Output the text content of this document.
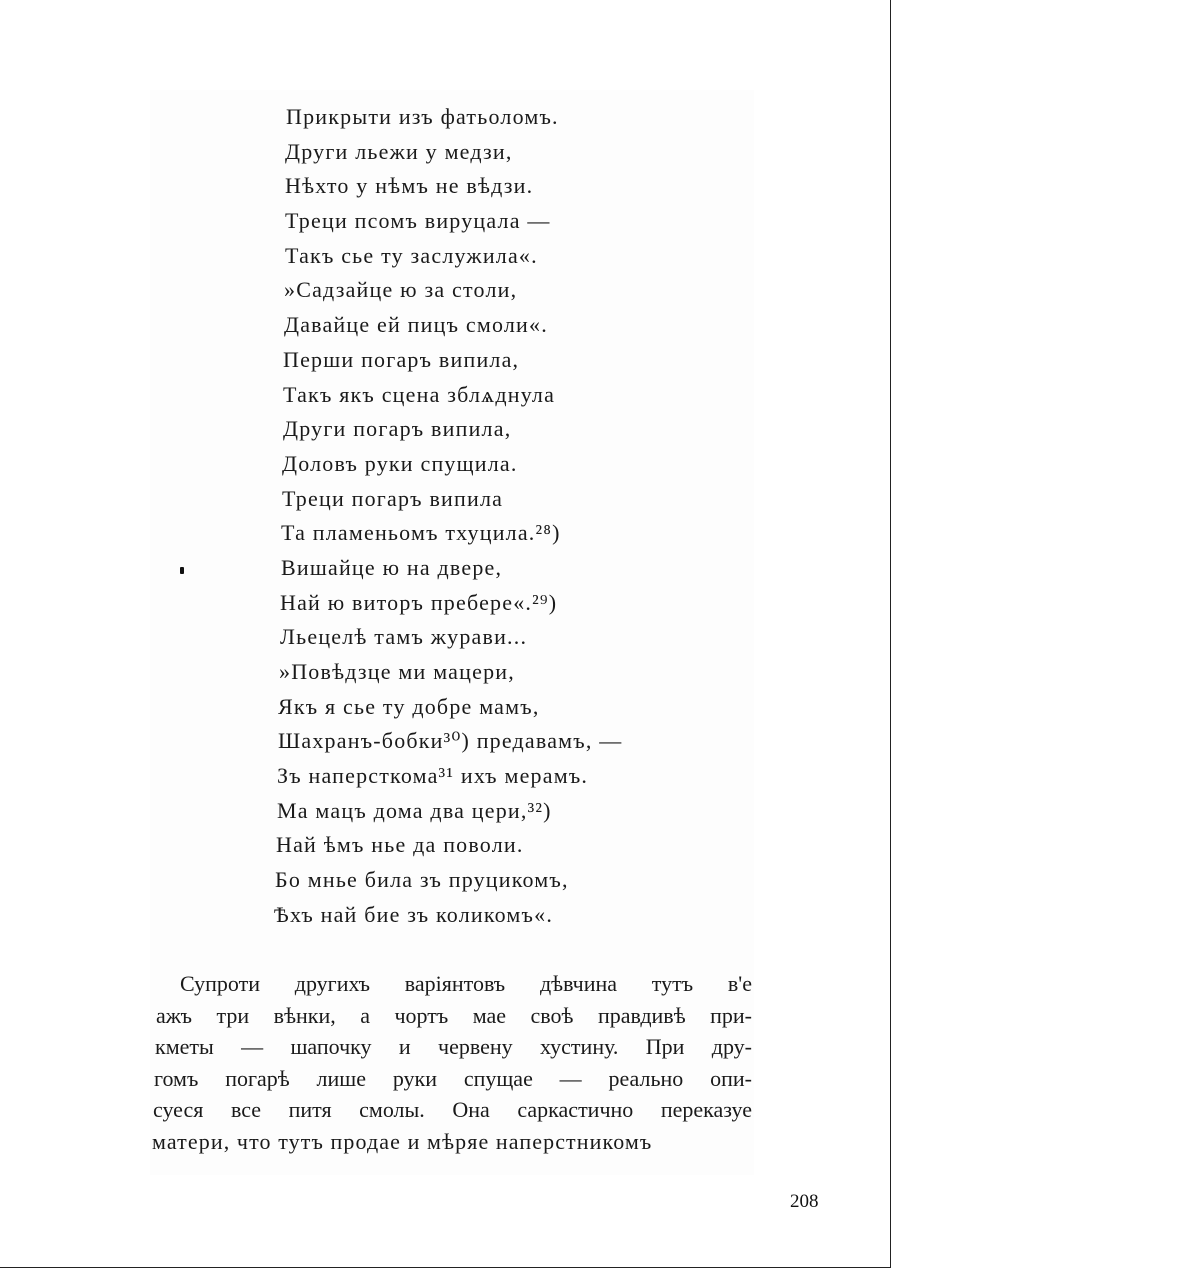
Прикрыти изъ фатьоломъ.
Други льежи у медзи,
Нѣхто у нѣмъ не вѣдзи.
Треци псомъ вируцала —
Такъ сье ту заслужила«.
»Садзайце ю за столи,
Давайце ей пицъ смоли«.
Перши погаръ випила,
Такъ якъ сцена зблѧднула
Други погаръ випила,
Доловъ руки спущила.
Треци погаръ випила
Та пламеньомъ тхуцила.²⁸)
Вишайце ю на двере,
Най ю виторъ пребере«.²⁹)
Льецелѣ тамъ журави...
»Повѣдзце ми мацери,
Якъ я сье ту добре мамъ,
Шахранъ-бобки³⁰) предавамъ, —
Зъ наперсткома³¹ ихъ мерамъ.
Ма мацъ дома два цери,³²)
Най ѣмъ нье да поволи.
Бо мнье била зъ пруцикомъ,
Ѣхъ най бие зъ коликомъ«.
Супроти другихъ варіянтовъ дѣвчина тутъ в'е
ажъ три вѣнки, а чортъ мае своѣ правдивѣ при-
кметы — шапочку и червену хустину. При дру-
гомъ погарѣ лише руки спущае — реально опи-
суеся все питя смолы. Она саркастично переказуе
матери, что тутъ продае и мѣряе наперстникомъ
208
